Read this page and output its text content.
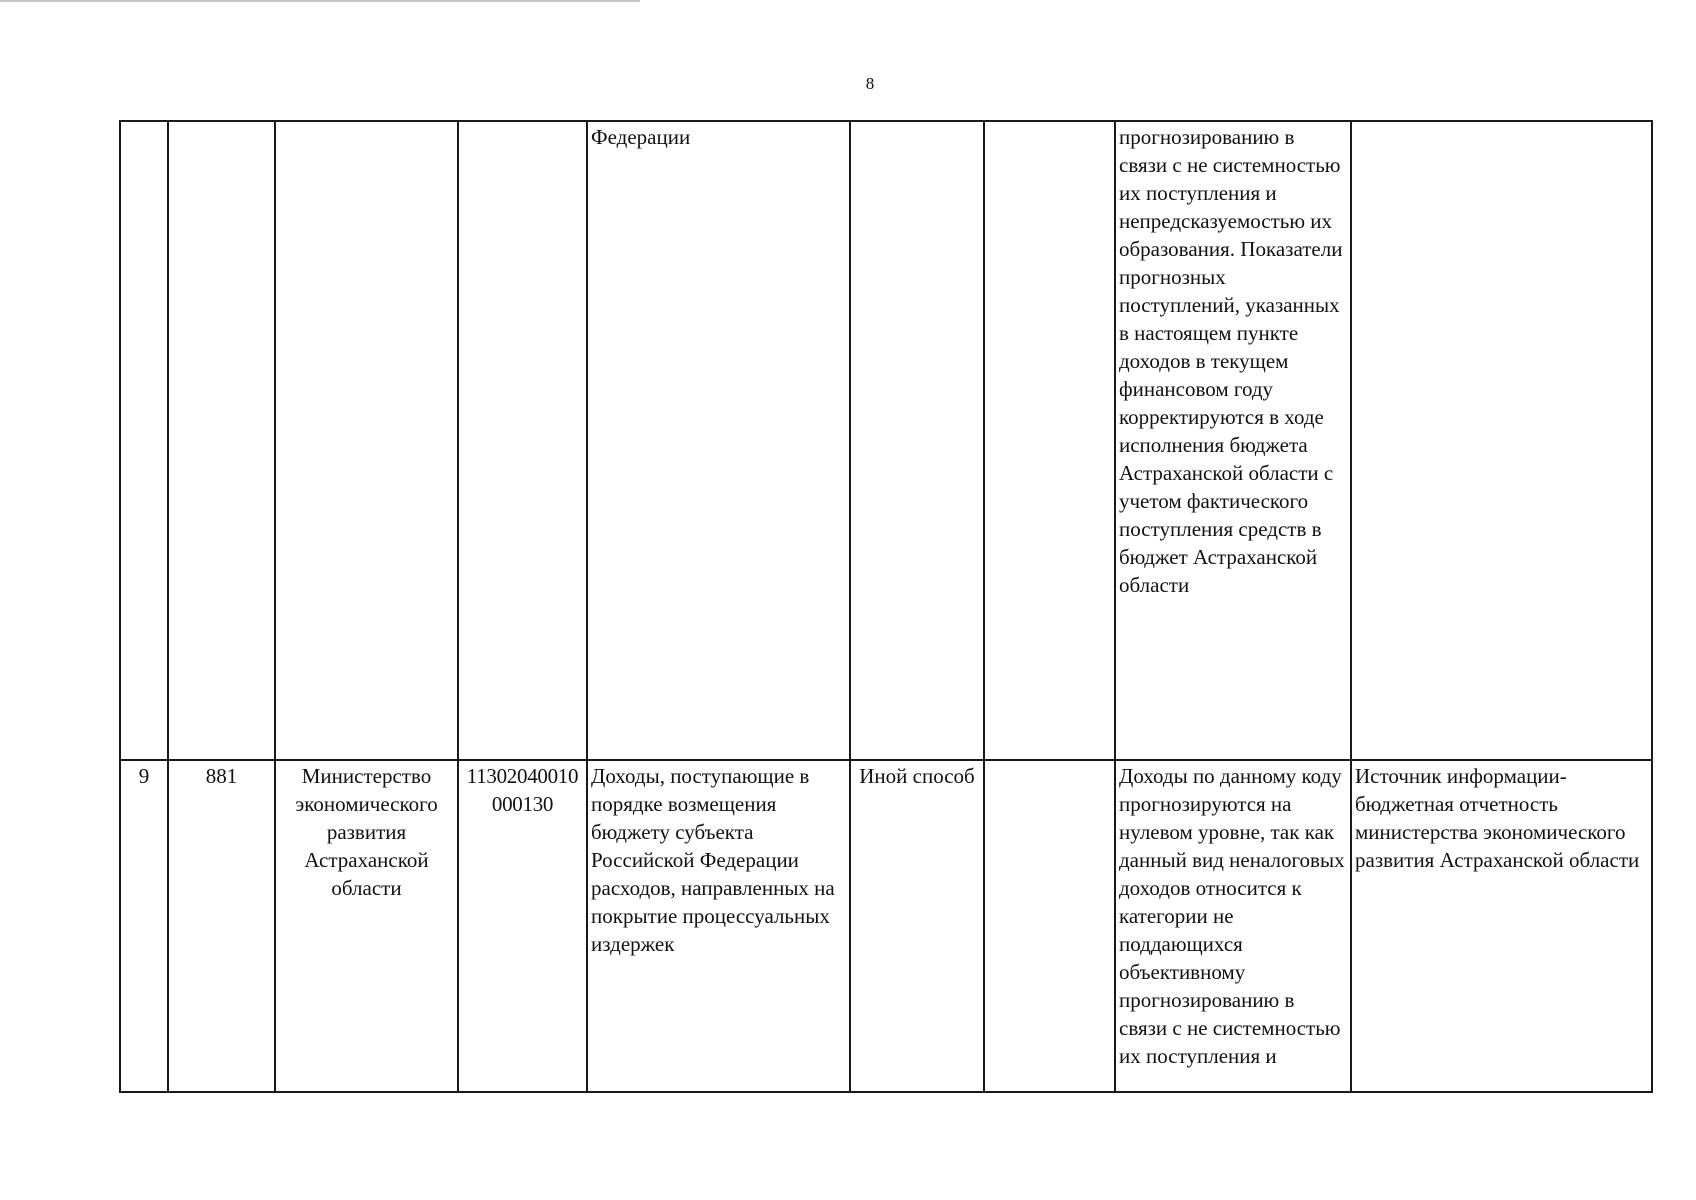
8
				Федерации			прогнозированию в связи с не системностью их поступления и непредсказуемостью их образования. Показатели прогнозных поступлений, указанных в настоящем пункте доходов в текущем финансовом году корректируются в ходе исполнения бюджета Астраханской области с учетом фактического поступления средств в бюджет Астраханской области	
9	881	Министерство экономического развития Астраханской области	11302040010000130	Доходы, поступающие в порядке возмещения бюджету субъекта Российской Федерации расходов, направленных на покрытие процессуальных издержек	Иной способ		Доходы по данному коду прогнозируются на нулевом уровне, так как данный вид неналоговых доходов относится к категории не поддающихся объективному прогнозированию в связи с не системностью их поступления и	Источник информации-бюджетная отчетность министерства экономического развития Астраханской области
